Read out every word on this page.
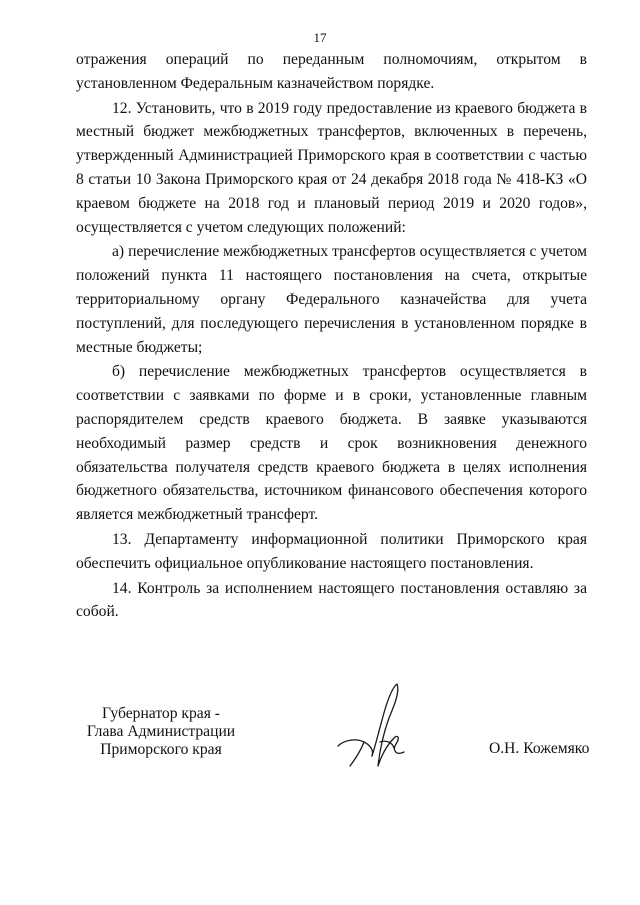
17

отражения операций по переданным полномочиям, открытом в установленном Федеральным казначейством порядке.

12. Установить, что в 2019 году предоставление из краевого бюджета в местный бюджет межбюджетных трансфертов, включенных в перечень, утвержденный Администрацией Приморского края в соответствии с частью 8 статьи 10 Закона Приморского края от 24 декабря 2018 года № 418-КЗ «О краевом бюджете на 2018 год и плановый период 2019 и 2020 годов», осуществляется с учетом следующих положений:

а) перечисление межбюджетных трансфертов осуществляется с учетом положений пункта 11 настоящего постановления на счета, открытые территориальному органу Федерального казначейства для учета поступлений, для последующего перечисления в установленном порядке в местные бюджеты;

б) перечисление межбюджетных трансфертов осуществляется в соответствии с заявками по форме и в сроки, установленные главным распорядителем средств краевого бюджета. В заявке указываются необходимый размер средств и срок возникновения денежного обязательства получателя средств краевого бюджета в целях исполнения бюджетного обязательства, источником финансового обеспечения которого является межбюджетный трансферт.

13. Департаменту информационной политики Приморского края обеспечить официальное опубликование настоящего постановления.

14. Контроль за исполнением настоящего постановления оставляю за собой.

Губернатор края -
Глава Администрации
Приморского края	О.Н. Кожемяко
